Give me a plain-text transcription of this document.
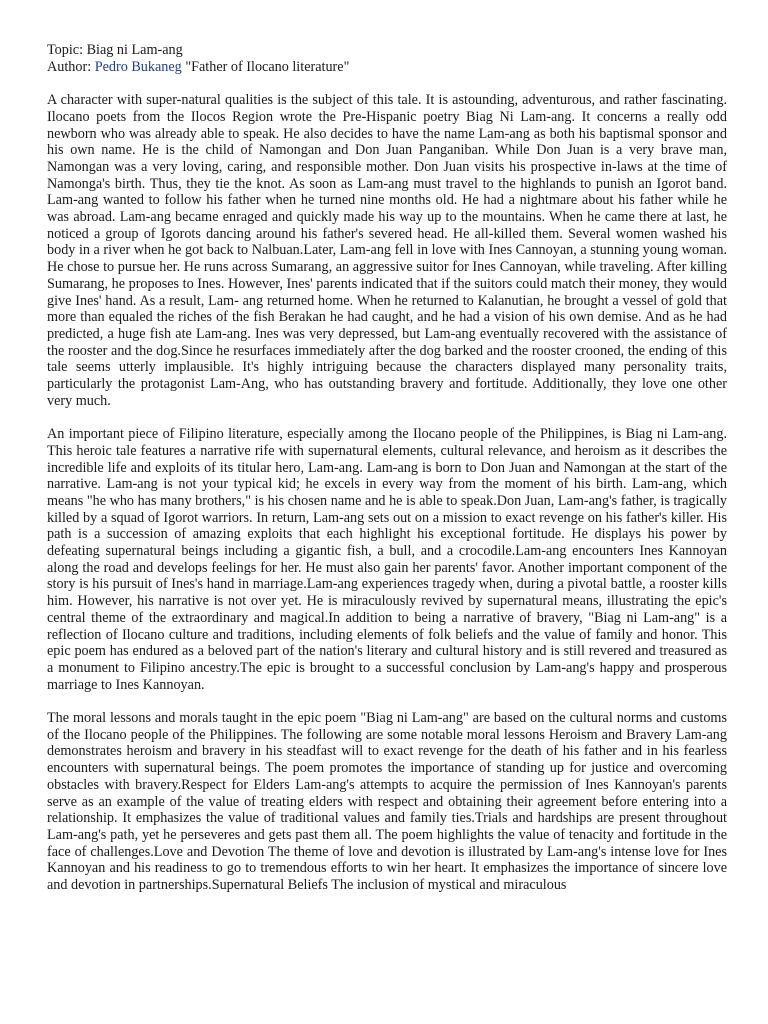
Topic: Biag ni Lam-ang

Author: Pedro Bukaneg "Father of Ilocano literature"

A character with super-natural qualities is the subject of this tale. It is astounding, adventurous, and rather fascinating. Ilocano poets from the Ilocos Region wrote the Pre-Hispanic poetry Biag Ni Lam-ang. It concerns a really odd newborn who was already able to speak. He also decides to have the name Lam-ang as both his baptismal sponsor and his own name. He is the child of Namongan and Don Juan Panganiban. While Don Juan is a very brave man, Namongan was a very loving, caring, and responsible mother. Don Juan visits his prospective in-laws at the time of Namonga's birth. Thus, they tie the knot. As soon as Lam-ang must travel to the highlands to punish an Igorot band. Lam-ang wanted to follow his father when he turned nine months old. He had a nightmare about his father while he was abroad. Lam-ang became enraged and quickly made his way up to the mountains. When he came there at last, he noticed a group of Igorots dancing around his father's severed head. He all-killed them. Several women washed his body in a river when he got back to Nalbuan.Later, Lam-ang fell in love with Ines Cannoyan, a stunning young woman. He chose to pursue her. He runs across Sumarang, an aggressive suitor for Ines Cannoyan, while traveling. After killing Sumarang, he proposes to Ines. However, Ines' parents indicated that if the suitors could match their money, they would give Ines' hand. As a result, Lam- ang returned home. When he returned to Kalanutian, he brought a vessel of gold that more than equaled the riches of the fish Berakan he had caught, and he had a vision of his own demise. And as he had predicted, a huge fish ate Lam-ang. Ines was very depressed, but Lam-ang eventually recovered with the assistance of the rooster and the dog.Since he resurfaces immediately after the dog barked and the rooster crooned, the ending of this tale seems utterly implausible. It's highly intriguing because the characters displayed many personality traits, particularly the protagonist Lam-Ang, who has outstanding bravery and fortitude. Additionally, they love one other very much.

An important piece of Filipino literature, especially among the Ilocano people of the Philippines, is Biag ni Lam-ang. This heroic tale features a narrative rife with supernatural elements, cultural relevance, and heroism as it describes the incredible life and exploits of its titular hero, Lam-ang. Lam-ang is born to Don Juan and Namongan at the start of the narrative. Lam-ang is not your typical kid; he excels in every way from the moment of his birth. Lam-ang, which means "he who has many brothers," is his chosen name and he is able to speak.Don Juan, Lam-ang's father, is tragically killed by a squad of Igorot warriors. In return, Lam-ang sets out on a mission to exact revenge on his father's killer. His path is a succession of amazing exploits that each highlight his exceptional fortitude. He displays his power by defeating supernatural beings including a gigantic fish, a bull, and a crocodile.Lam-ang encounters Ines Kannoyan along the road and develops feelings for her. He must also gain her parents' favor. Another important component of the story is his pursuit of Ines's hand in marriage.Lam-ang experiences tragedy when, during a pivotal battle, a rooster kills him. However, his narrative is not over yet. He is miraculously revived by supernatural means, illustrating the epic's central theme of the extraordinary and magical.In addition to being a narrative of bravery, "Biag ni Lam-ang" is a reflection of Ilocano culture and traditions, including elements of folk beliefs and the value of family and honor. This epic poem has endured as a beloved part of the nation's literary and cultural history and is still revered and treasured as a monument to Filipino ancestry.The epic is brought to a successful conclusion by Lam-ang's happy and prosperous marriage to Ines Kannoyan.

The moral lessons and morals taught in the epic poem "Biag ni Lam-ang" are based on the cultural norms and customs of the Ilocano people of the Philippines. The following are some notable moral lessons Heroism and Bravery Lam-ang demonstrates heroism and bravery in his steadfast will to exact revenge for the death of his father and in his fearless encounters with supernatural beings. The poem promotes the importance of standing up for justice and overcoming obstacles with bravery.Respect for Elders Lam-ang's attempts to acquire the permission of Ines Kannoyan's parents serve as an example of the value of treating elders with respect and obtaining their agreement before entering into a relationship. It emphasizes the value of traditional values and family ties.Trials and hardships are present throughout Lam-ang's path, yet he perseveres and gets past them all. The poem highlights the value of tenacity and fortitude in the face of challenges.Love and Devotion The theme of love and devotion is illustrated by Lam-ang's intense love for Ines Kannoyan and his readiness to go to tremendous efforts to win her heart. It emphasizes the importance of sincere love and devotion in partnerships.Supernatural Beliefs The inclusion of mystical and miraculous
